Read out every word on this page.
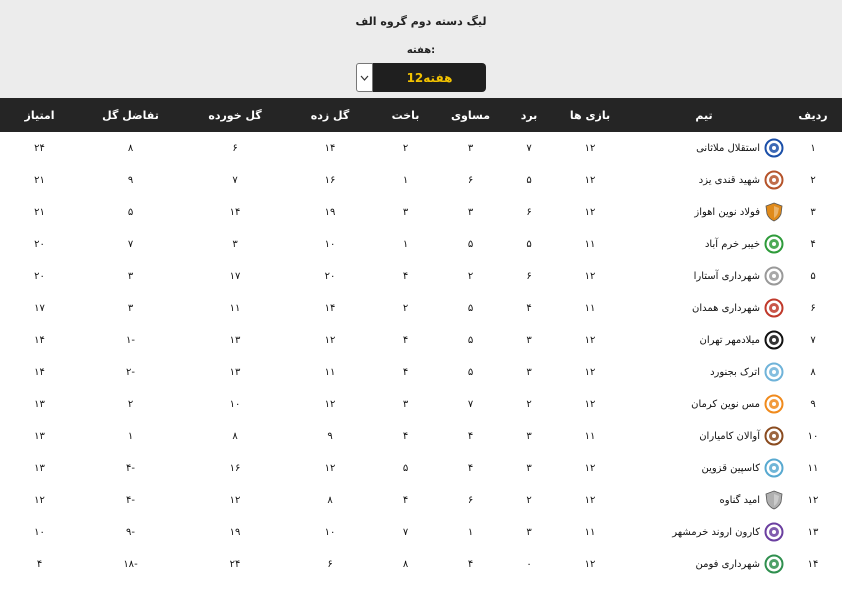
لیگ دسته دوم گروه الف
هفته:
هفته12
ردیف	تیم	بازی ها	برد	مساوی	باخت	گل زده	گل خورده	تفاضل گل	امتیاز
۱	استقلال ملاثانی	۱۲	۷	۳	۲	۱۴	۶	۸	۲۴
۲	شهید قندی یزد	۱۲	۵	۶	۱	۱۶	۷	۹	۲۱
۳	فولاد نوین اهواز	۱۲	۶	۳	۳	۱۹	۱۴	۵	۲۱
۴	خیبر خرم آباد	۱۱	۵	۵	۱	۱۰	۳	۷	۲۰
۵	شهرداری آستارا	۱۲	۶	۲	۴	۲۰	۱۷	۳	۲۰
۶	شهرداری همدان	۱۱	۴	۵	۲	۱۴	۱۱	۳	۱۷
۷	میلادمهر تهران	۱۲	۳	۵	۴	۱۲	۱۳	-۱	۱۴
۸	اترک بجنورد	۱۲	۳	۵	۴	۱۱	۱۳	-۲	۱۴
۹	مس نوین کرمان	۱۲	۲	۷	۳	۱۲	۱۰	۲	۱۳
۱۰	آوالان کامیاران	۱۱	۳	۴	۴	۹	۸	۱	۱۳
۱۱	کاسپین قزوین	۱۲	۳	۴	۵	۱۲	۱۶	-۴	۱۳
۱۲	امید گناوه	۱۲	۲	۶	۴	۸	۱۲	-۴	۱۲
۱۳	کارون اروند خرمشهر	۱۱	۳	۱	۷	۱۰	۱۹	-۹	۱۰
۱۴	شهرداری فومن	۱۲	۰	۴	۸	۶	۲۴	-۱۸	۴
